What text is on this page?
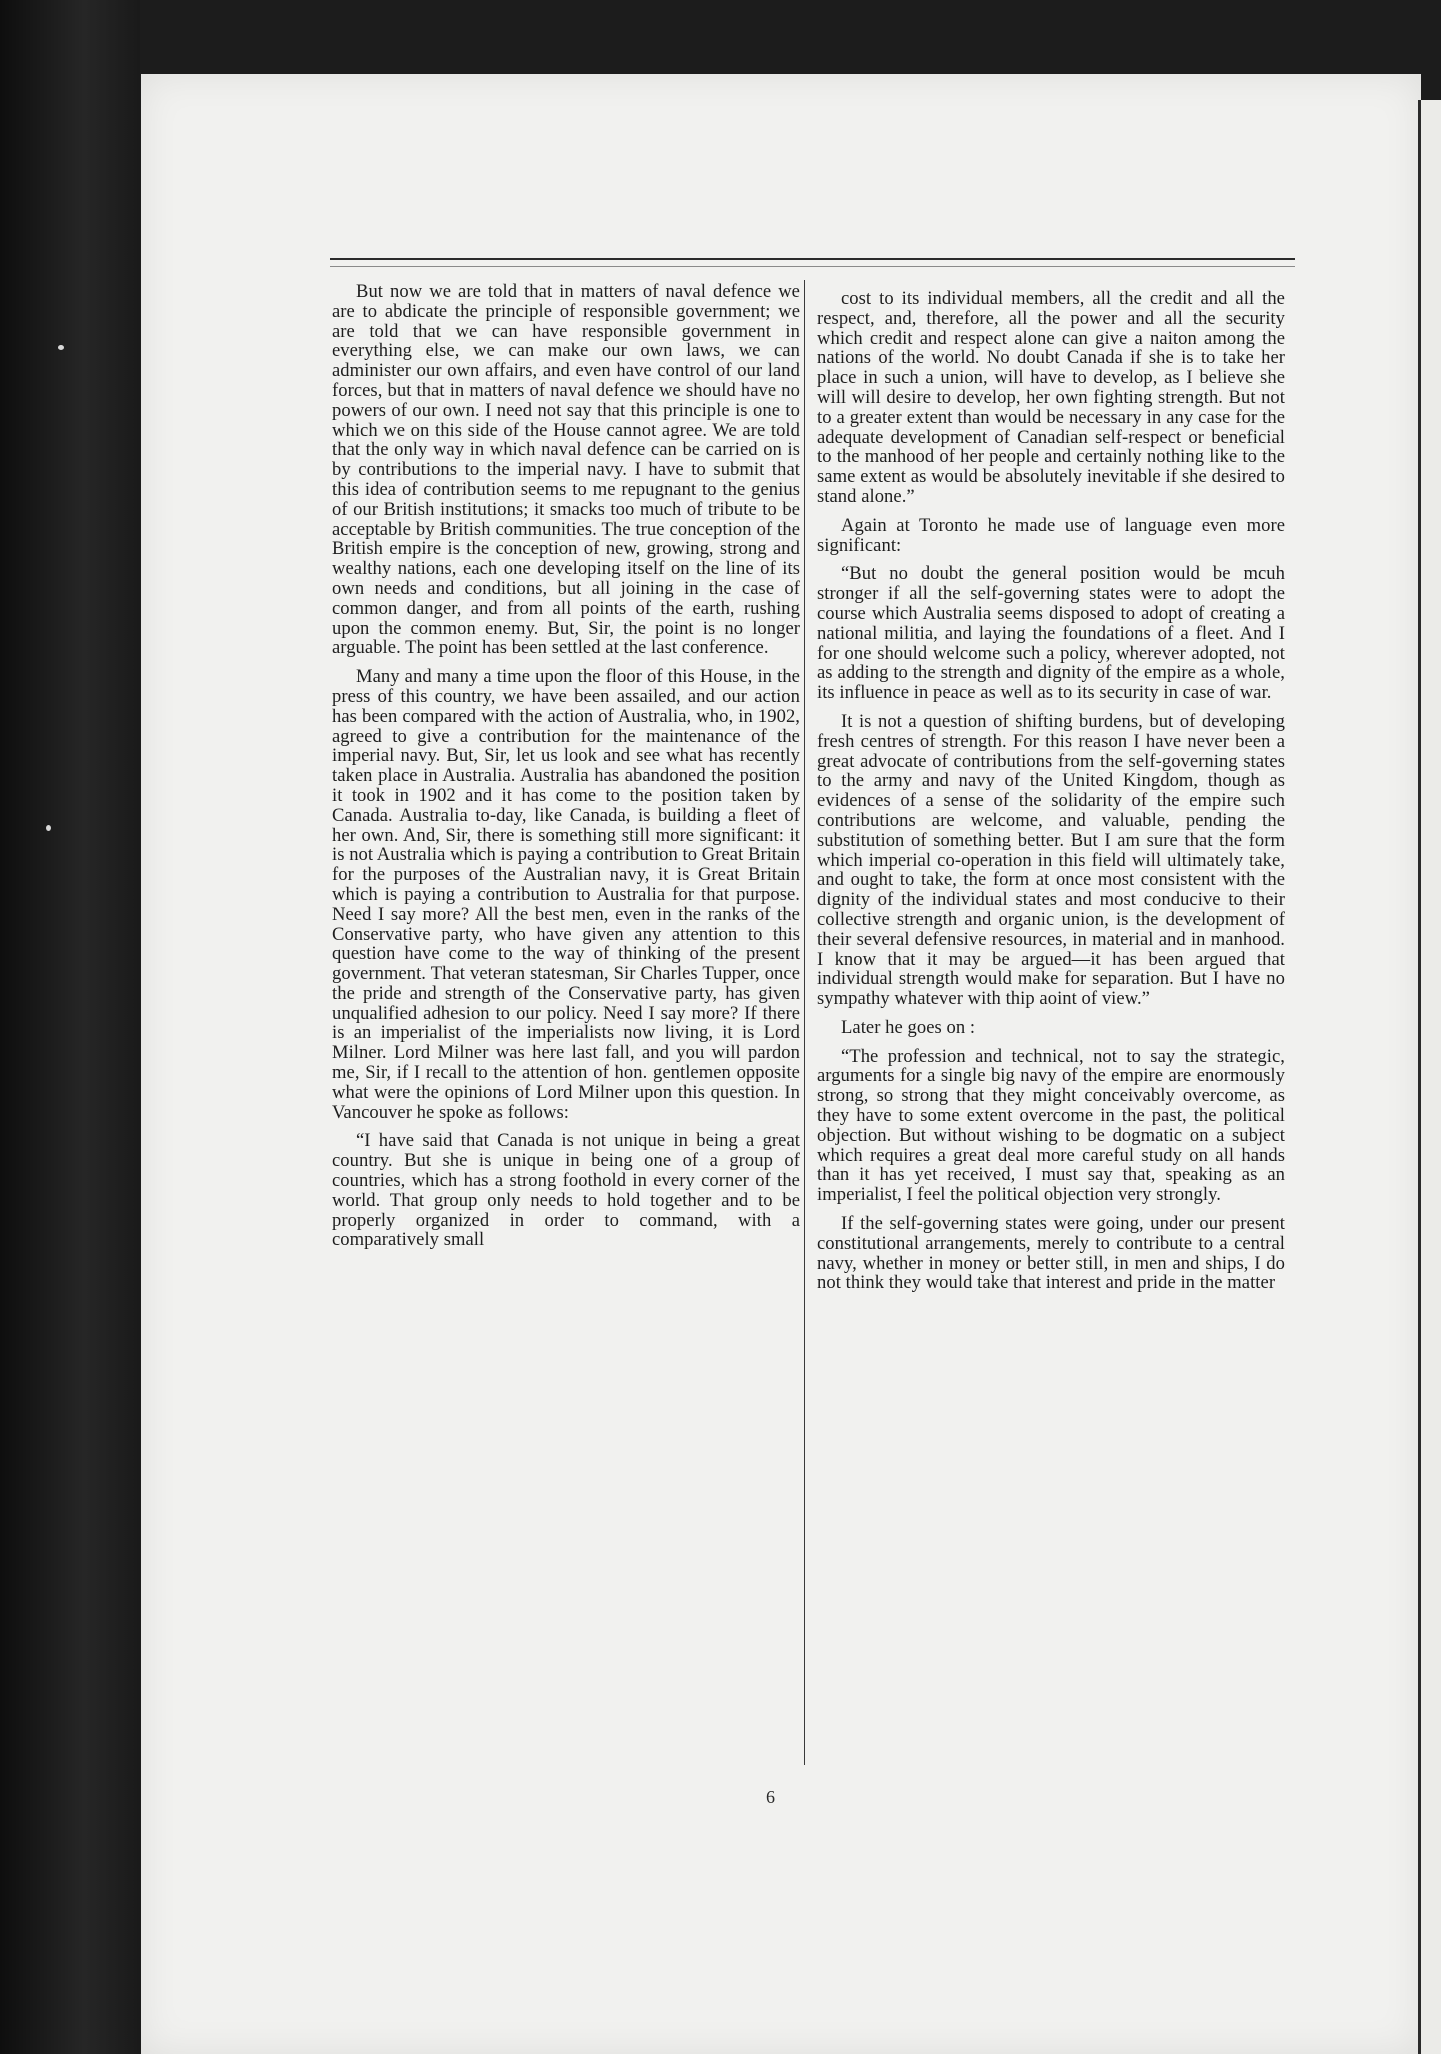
But now we are told that in matters of naval defence we are to abdicate the principle of responsible government; we are told that we can have responsible government in everything else, we can make our own laws, we can administer our own affairs, and even have control of our land forces, but that in matters of naval defence we should have no powers of our own. I need not say that this principle is one to which we on this side of the House cannot agree. We are told that the only way in which naval defence can be carried on is by contributions to the imperial navy. I have to submit that this idea of contribution seems to me repugnant to the genius of our British institutions; it smacks too much of tribute to be acceptable by British communities. The true conception of the British empire is the conception of new, growing, strong and wealthy nations, each one developing itself on the line of its own needs and conditions, but all joining in the case of common danger, and from all points of the earth, rushing upon the common enemy. But, Sir, the point is no longer arguable. The point has been settled at the last conference.

Many and many a time upon the floor of this House, in the press of this country, we have been assailed, and our action has been compared with the action of Australia, who, in 1902, agreed to give a contribution for the maintenance of the imperial navy. But, Sir, let us look and see what has recently taken place in Australia. Australia has abandoned the position it took in 1902 and it has come to the position taken by Canada. Australia to-day, like Canada, is building a fleet of her own. And, Sir, there is something still more significant: it is not Australia which is paying a contribution to Great Britain for the purposes of the Australian navy, it is Great Britain which is paying a contribution to Australia for that purpose. Need I say more? All the best men, even in the ranks of the Conservative party, who have given any attention to this question have come to the way of thinking of the present government. That veteran statesman, Sir Charles Tupper, once the pride and strength of the Conservative party, has given unqualified adhesion to our policy. Need I say more? If there is an imperialist of the imperialists now living, it is Lord Milner. Lord Milner was here last fall, and you will pardon me, Sir, if I recall to the attention of hon. gentlemen opposite what were the opinions of Lord Milner upon this question. In Vancouver he spoke as follows:

“I have said that Canada is not unique in being a great country. But she is unique in being one of a group of countries, which has a strong foothold in every corner of the world. That group only needs to hold together and to be properly organized in order to command, with a comparatively small

cost to its individual members, all the credit and all the respect, and, therefore, all the power and all the security which credit and respect alone can give a naiton among the nations of the world. No doubt Canada if she is to take her place in such a union, will have to develop, as I believe she will will desire to develop, her own fighting strength. But not to a greater extent than would be necessary in any case for the adequate development of Canadian self-respect or beneficial to the manhood of her people and certainly nothing like to the same extent as would be absolutely inevitable if she desired to stand alone.”

Again at Toronto he made use of language even more significant:

“But no doubt the general position would be mcuh stronger if all the self-governing states were to adopt the course which Australia seems disposed to adopt of creating a national militia, and laying the foundations of a fleet. And I for one should welcome such a policy, wherever adopted, not as adding to the strength and dignity of the empire as a whole, its influence in peace as well as to its security in case of war.

It is not a question of shifting burdens, but of developing fresh centres of strength. For this reason I have never been a great advocate of contributions from the self-governing states to the army and navy of the United Kingdom, though as evidences of a sense of the solidarity of the empire such contributions are welcome, and valuable, pending the substitution of something better. But I am sure that the form which imperial co-operation in this field will ultimately take, and ought to take, the form at once most consistent with the dignity of the individual states and most conducive to their collective strength and organic union, is the development of their several defensive resources, in material and in manhood. I know that it may be argued—it has been argued that individual strength would make for separation. But I have no sympathy whatever with thip aoint of view.”

Later he goes on :

“The profession and technical, not to say the strategic, arguments for a single big navy of the empire are enormously strong, so strong that they might conceivably overcome, as they have to some extent overcome in the past, the political objection. But without wishing to be dogmatic on a subject which requires a great deal more careful study on all hands than it has yet received, I must say that, speaking as an imperialist, I feel the political objection very strongly.

If the self-governing states were going, under our present constitutional arrangements, merely to contribute to a central navy, whether in money or better still, in men and ships, I do not think they would take that interest and pride in the matter

6
